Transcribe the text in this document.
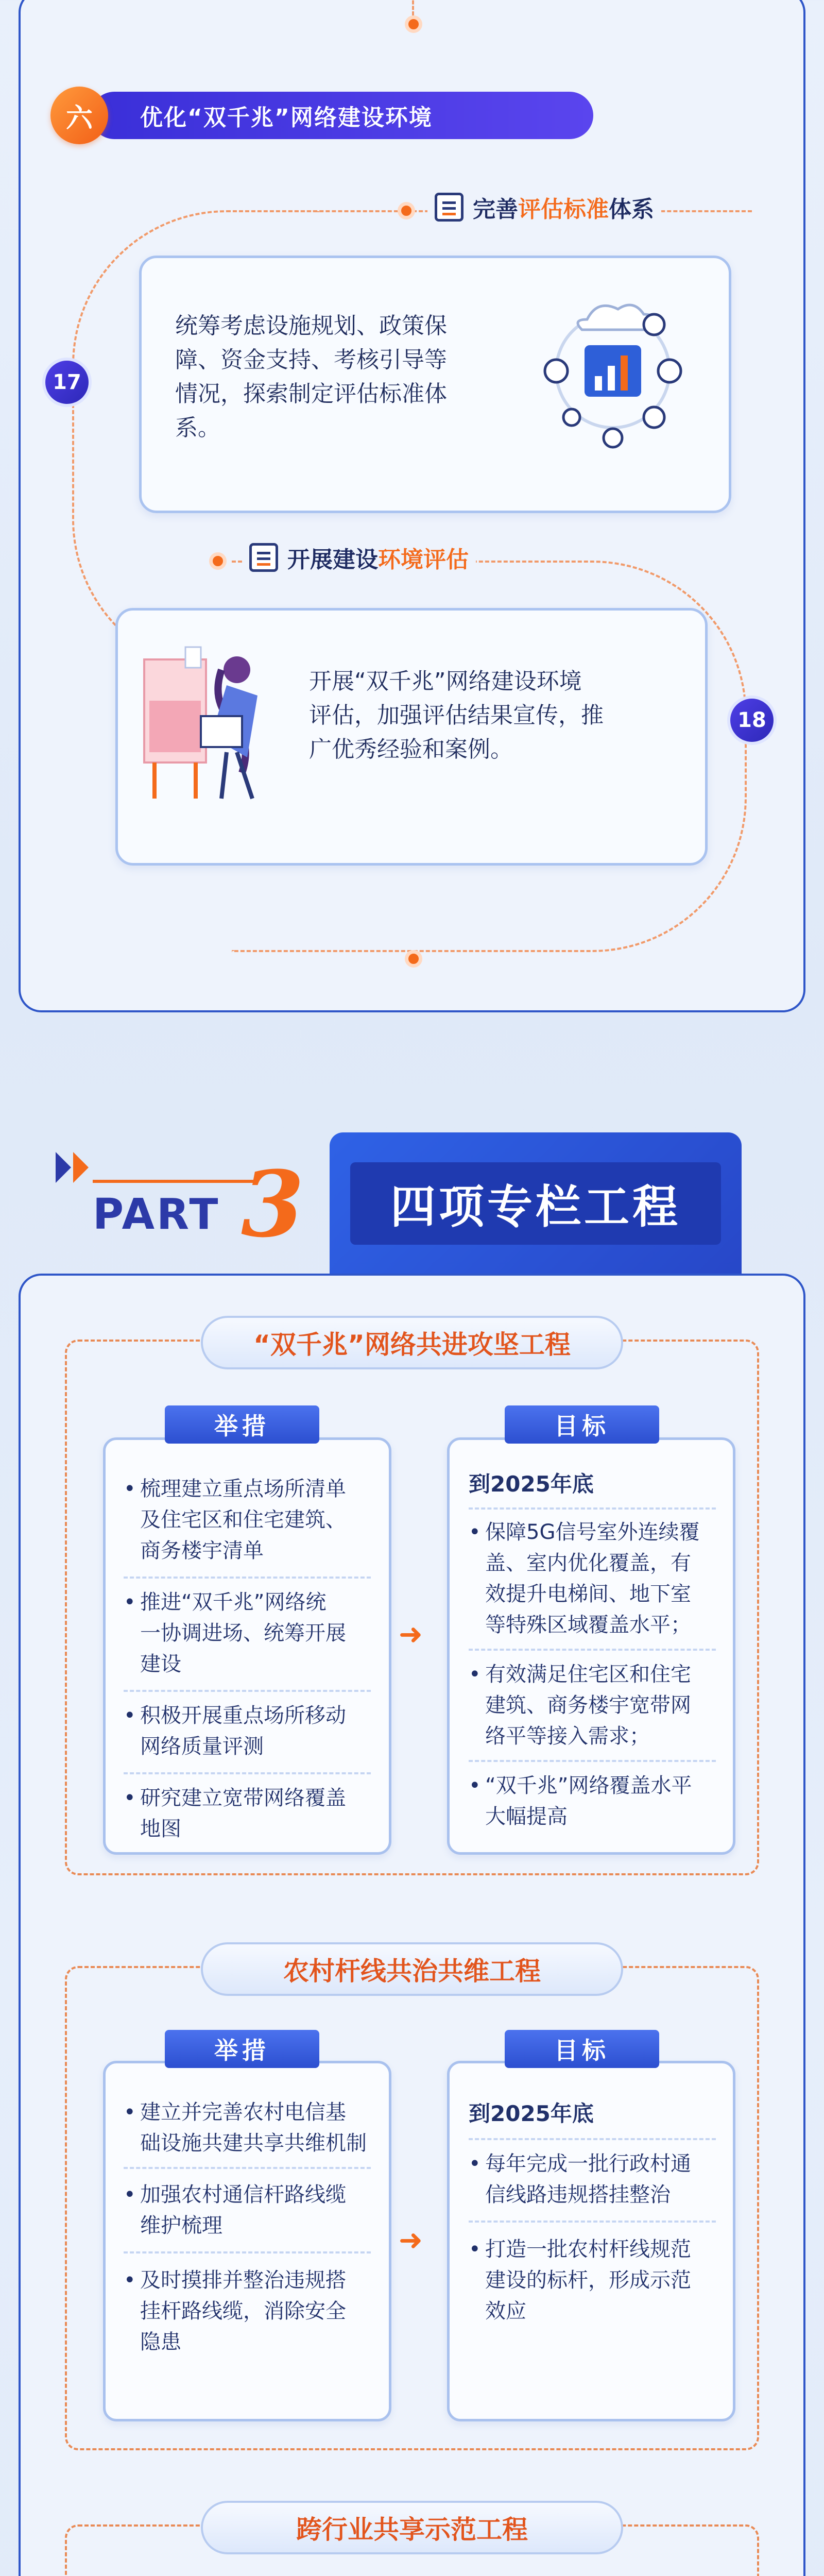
优化“双千兆”网络建设环境
六
完善评估标准体系
17
统筹考虑设施规划、政策保
障、资金支持、考核引导等
情况，探索制定评估标准体
系。
开展建设环境评估
18
开展“双千兆”网络建设环境
评估，加强评估结果宣传，推
广优秀经验和案例。
PART 3	四项专栏工程
“双千兆”网络共进攻坚工程
举措	目标
➜
• 梳理建立重点场所清单
及住宅区和住宅建筑、
商务楼宇清单
• 推进“双千兆”网络统
一协调进场、统筹开展
建设
• 积极开展重点场所移动
网络质量评测
• 研究建立宽带网络覆盖
地图
到2025年底
• 保障5G信号室外连续覆
盖、室内优化覆盖，有
效提升电梯间、地下室
等特殊区域覆盖水平；
• 有效满足住宅区和住宅
建筑、商务楼宇宽带网
络平等接入需求；
• “双千兆”网络覆盖水平
大幅提高
农村杆线共治共维工程
举措	目标
➜
• 建立并完善农村电信基
础设施共建共享共维机制
• 加强农村通信杆路线缆
维护梳理
• 及时摸排并整治违规搭
挂杆路线缆，消除安全
隐患
到2025年底
• 每年完成一批行政村通
信线路违规搭挂整治
• 打造一批农村杆线规范
建设的标杆，形成示范
效应
跨行业共享示范工程
